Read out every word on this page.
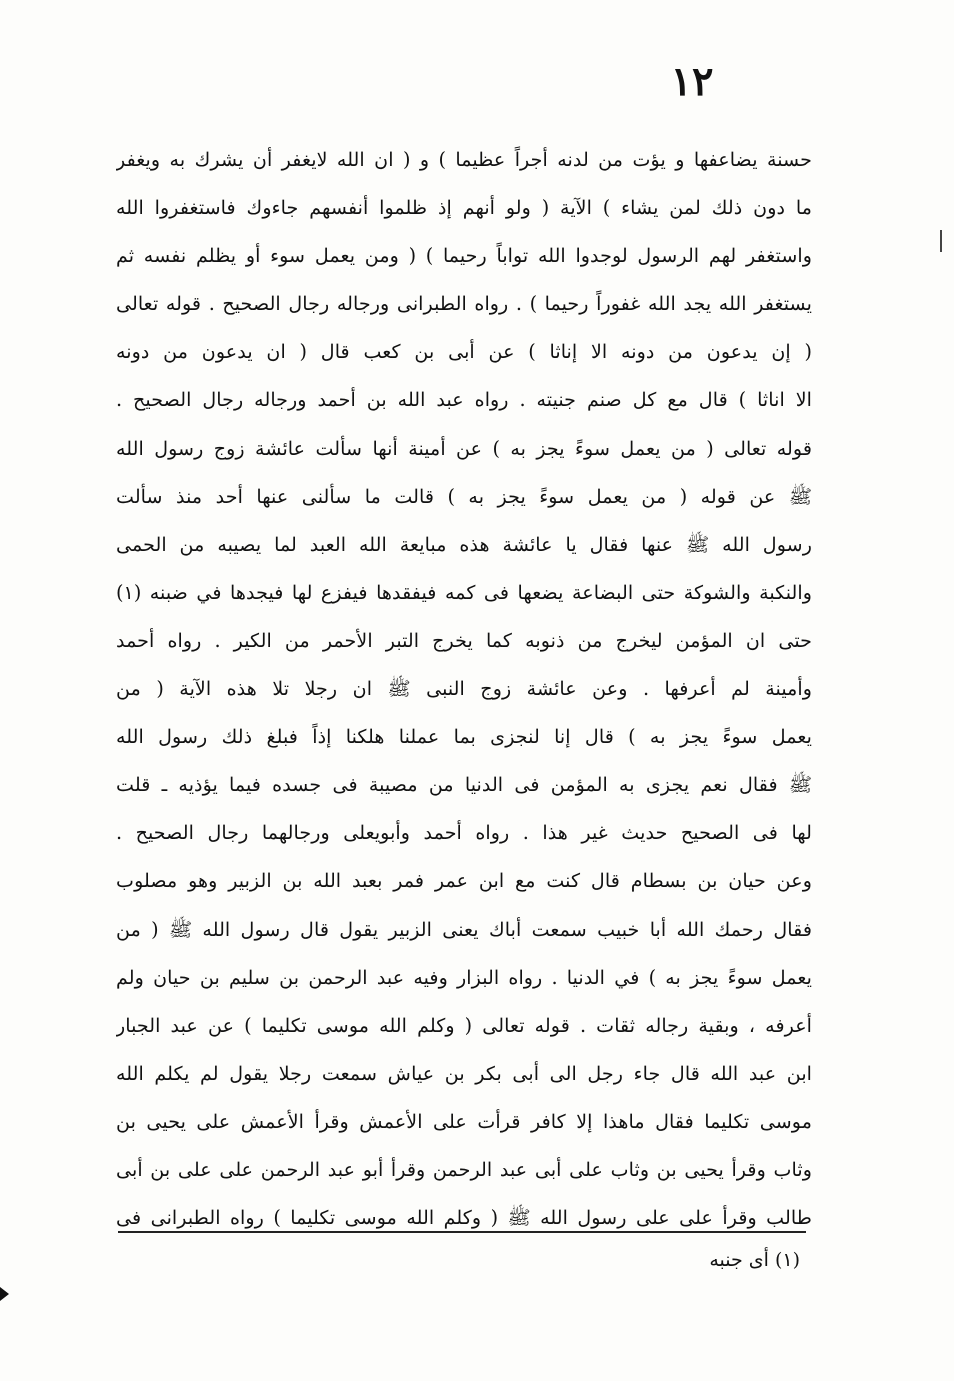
١٢
حسنة يضاعفها و يؤت من لدنه أجراً عظيما ) و ( ان الله لايغفر أن يشرك به ويغفر
ما دون ذلك لمن يشاء ) الآية ( ولو أنهم إذ ظلموا أنفسهم جاءوك فاستغفروا الله
واستغفر لهم الرسول لوجدوا الله تواباً رحيما ) ( ومن يعمل سوء أو يظلم نفسه ثم
يستغفر الله يجد الله غفوراً رحيما ) . رواه الطبرانى ورجاله رجال الصحيح . قوله تعالى
( إن يدعون من دونه الا إناثا ) عن أبى بن كعب قال ( ان يدعون من دونه
الا اناثا ) قال مع كل صنم جنيته . رواه عبد الله بن أحمد ورجاله رجال الصحيح .
قوله تعالى ( من يعمل سوءً يجز به ) عن أمينة أنها سألت عائشة زوج رسول الله
ﷺ عن قوله ( من يعمل سوءً يجز به ) قالت ما سألنى عنها أحد منذ سألت
رسول الله ﷺ عنها فقال يا عائشة هذه مبايعة الله العبد لما يصيبه من الحمى
والنكبة والشوكة حتى البضاعة يضعها فى كمه فيفقدها فيفزع لها فيجدها في ضبنه (١)
حتى ان المؤمن ليخرج من ذنوبه كما يخرج التبر الأحمر من الكير . رواه أحمد
وأمينة لم أعرفها . وعن عائشة زوج النبى ﷺ ان رجلا تلا هذه الآية ( من
يعمل سوءً يجز به ) قال إنا لنجزى بما عملنا هلكنا إذاً فبلغ ذلك رسول الله
ﷺ فقال نعم يجزى به المؤمن فى الدنيا من مصيبة فى جسده فيما يؤذيه ـ قلت
لها فى الصحيح حديث غير هذا . رواه أحمد وأبويعلى ورجالهما رجال الصحيح .
وعن حيان بن بسطام قال كنت مع ابن عمر فمر بعبد الله بن الزبير وهو مصلوب
فقال رحمك الله أبا خبيب سمعت أباك يعنى الزبير يقول قال رسول الله ﷺ ( من
يعمل سوءً يجز به ) في الدنيا . رواه البزار وفيه عبد الرحمن بن سليم بن حيان ولم
أعرفه ، وبقية رجاله ثقات . قوله تعالى ( وكلم الله موسى تكليما ) عن عبد الجبار
ابن عبد الله قال جاء رجل الى أبى بكر بن عياش سمعت رجلا يقول لم يكلم الله
موسى تكليما فقال ماهذا إلا كافر قرأت على الأعمش وقرأ الأعمش على يحيى بن
وثاب وقرأ يحيى بن وثاب على أبى عبد الرحمن وقرأ أبو عبد الرحمن على على بن أبى
طالب وقرأ على على رسول الله ﷺ ( وكلم الله موسى تكليما ) رواه الطبرانى فى
(١) أى جنبه
